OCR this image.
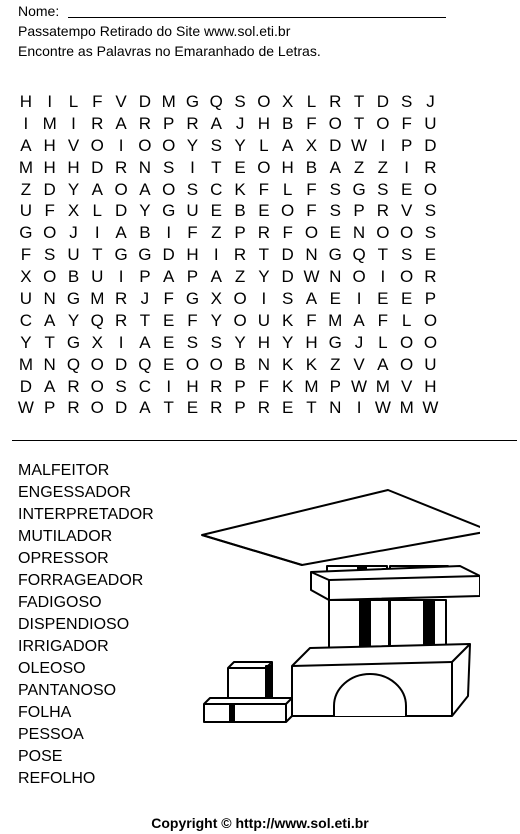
Nome:
Passatempo Retirado do Site www.sol.eti.br
Encontre as Palavras no Emaranhado de Letras.
H I L F V D M G Q S O X L R T D S J
I M I R A R P R A J H B F O T O F U
A H V O I O O Y S Y L A X D W I P D
M H H D R N S I T E O H B A Z Z I R
Z D Y A O A O S C K F L F S G S E O
U F X L D Y G U E B E O F S P R V S
G O J	I A B I F Z P R F O E N O O S
F S U T G G D H I R T D N G Q T S E
X O B U I P A P A Z Y D W N O I O R
U N G M R J F G X O I S A E I E E P
C A Y Q R T E F Y O U K F M A F L O
Y T G X I A E S S Y H Y H G J L O O
M N Q O D Q E O O B N K K Z V A O U
D A R O S C I H R P F K M P W M V H
W P R O D A T E R P R E T N I W M W
MALFEITOR
ENGESSADOR
INTERPRETADOR
MUTILADOR
OPRESSOR
FORRAGEADOR
FADIGOSO
DISPENDIOSO
IRRIGADOR
OLEOSO
PANTANOSO
FOLHA
PESSOA
POSE
REFOLHO
Copyright © http://www.sol.eti.br
